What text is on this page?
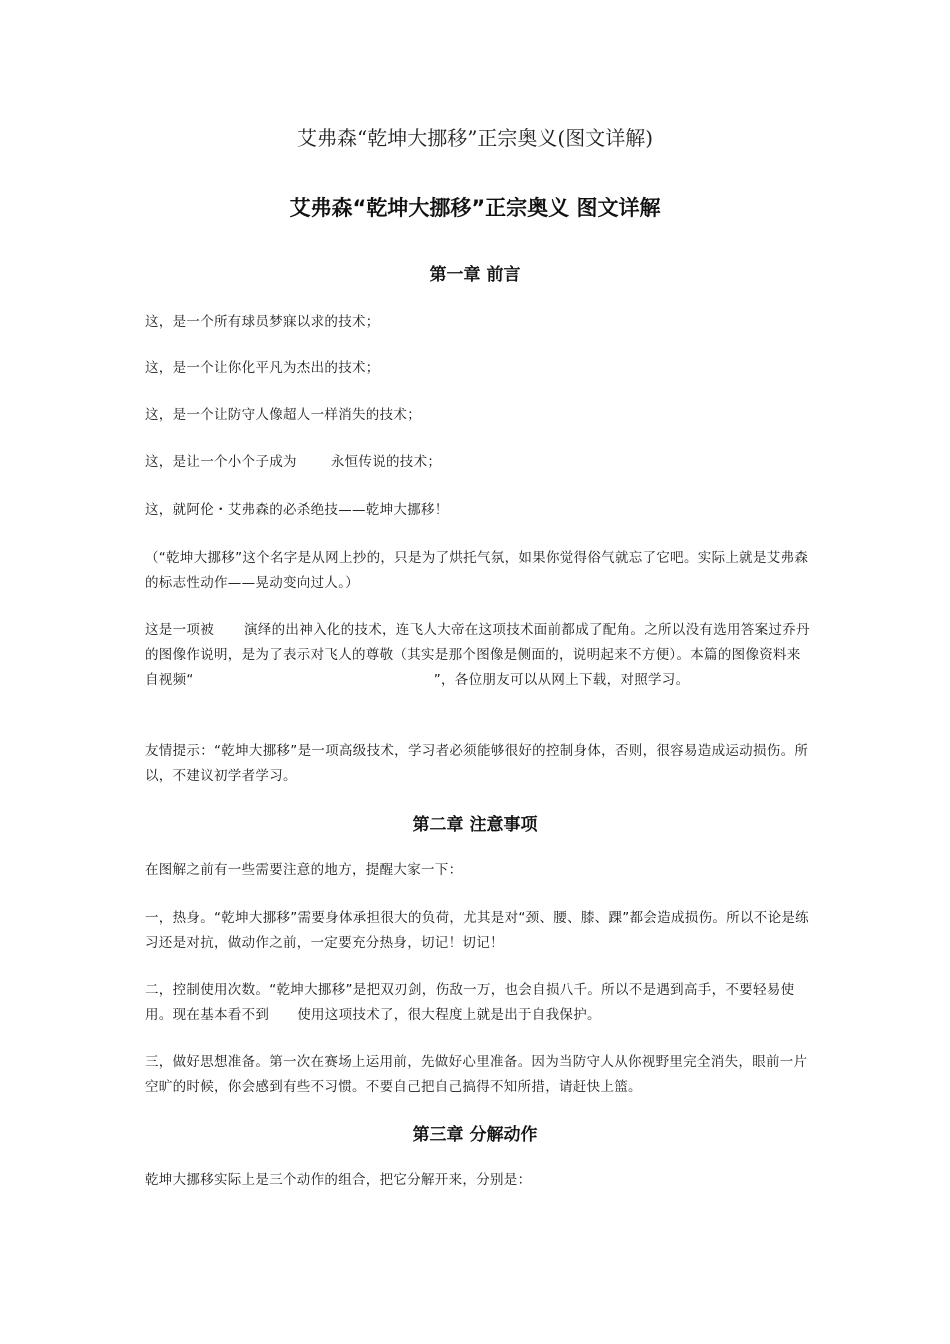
艾弗森“乾坤大挪移”正宗奥义(图文详解)
艾弗森“乾坤大挪移”正宗奥义 图文详解
第一章 前言
这，是一个所有球员梦寐以求的技术；
这，是一个让你化平凡为杰出的技术；
这，是一个让防守人像超人一样消失的技术；
这，是让一个小个子成为	永恒传说的技术；
这，就阿伦・艾弗森的必杀绝技——乾坤大挪移！
（“乾坤大挪移”这个名字是从网上抄的，只是为了烘托气氛，如果你觉得俗气就忘了它吧。实际上就是艾弗森的标志性动作——晃动变向过人。）
这是一项被 演绎的出神入化的技术，连飞人大帝在这项技术面前都成了配角。之所以没有选用答案过乔丹的图像作说明，是为了表示对飞人的尊敬（其实是那个图像是侧面的，说明起来不方便）。本篇的图像资料来自视频“	”，各位朋友可以从网上下载，对照学习。
友情提示：“乾坤大挪移”是一项高级技术，学习者必须能够很好的控制身体，否则，很容易造成运动损伤。所以，不建议初学者学习。
第二章 注意事项
在图解之前有一些需要注意的地方，提醒大家一下：
一，热身。“乾坤大挪移”需要身体承担很大的负荷，尤其是对“颈、腰、膝、踝”都会造成损伤。所以不论是练习还是对抗，做动作之前，一定要充分热身，切记！切记！
二，控制使用次数。“乾坤大挪移”是把双刃剑，伤敌一万，也会自损八千。所以不是遇到高手，不要轻易使用。现在基本看不到 使用这项技术了，很大程度上就是出于自我保护。
三，做好思想准备。第一次在赛场上运用前，先做好心里准备。因为当防守人从你视野里完全消失，眼前一片空旷的时候，你会感到有些不习惯。不要自己把自己搞得不知所措，请赶快上篮。
第三章 分解动作
乾坤大挪移实际上是三个动作的组合，把它分解开来，分别是：
